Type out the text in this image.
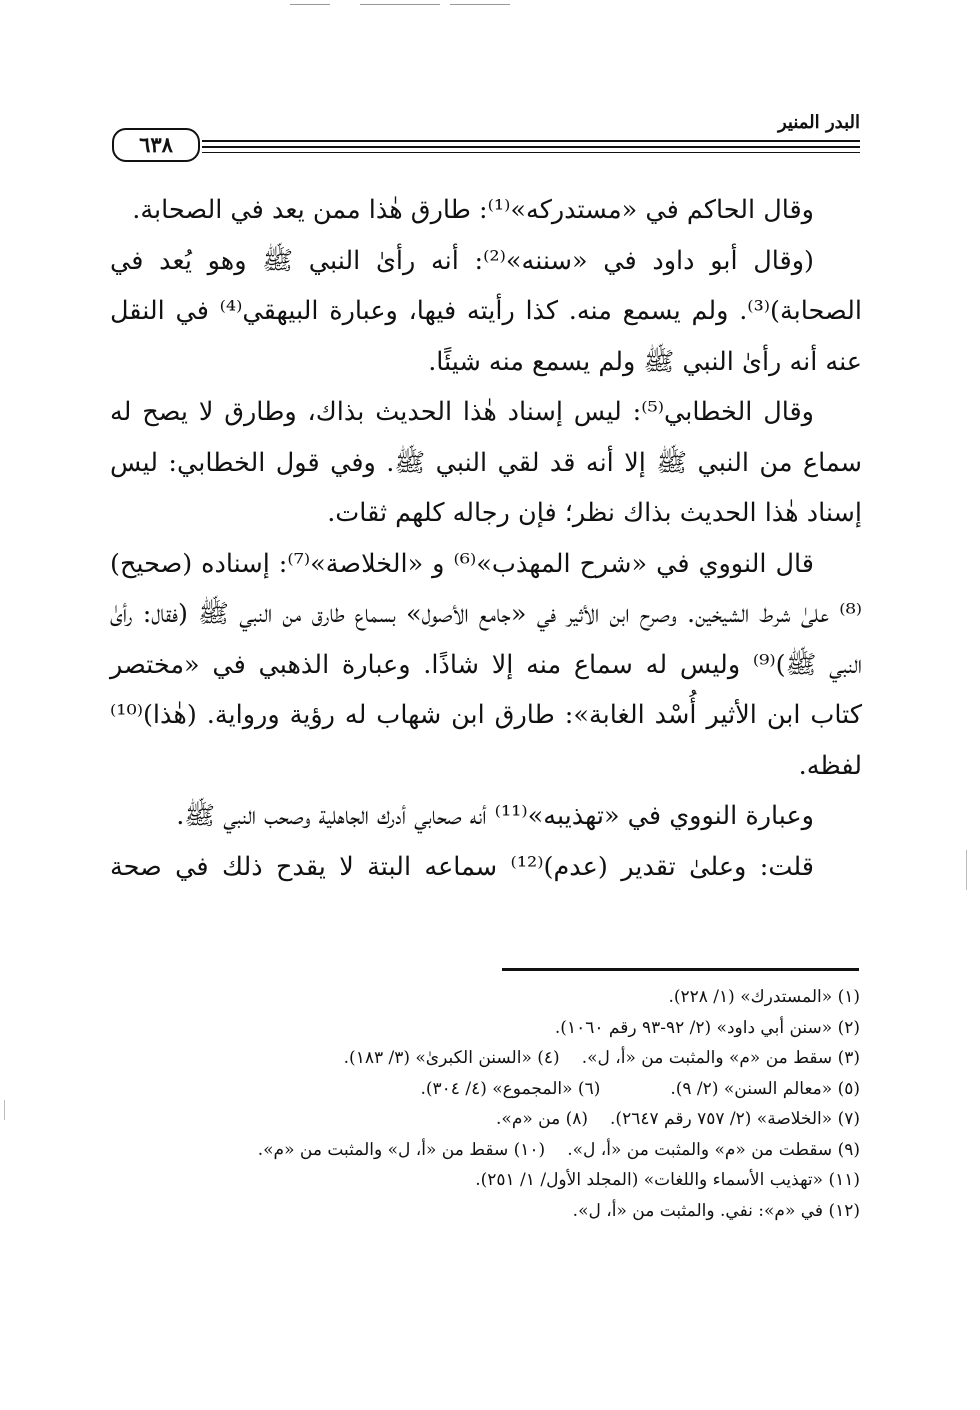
البدر المنير
٦٣٨

وقال الحاكم في «مستدركه»⁽¹⁾: طارق هٰذا ممن يعد في الصحابة.

(وقال أبو داود في «سننه»⁽²⁾: أنه رأىٰ النبي ﷺ وهو يُعد في الصحابة)⁽³⁾. ولم يسمع منه. كذا رأيته فيها، وعبارة البيهقي⁽⁴⁾ في النقل عنه أنه رأىٰ النبي ﷺ ولم يسمع منه شيئًا.

وقال الخطابي⁽⁵⁾: ليس إسناد هٰذا الحديث بذاك، وطارق لا يصح له سماع من النبي ﷺ إلا أنه قد لقي النبي ﷺ. وفي قول الخطابي: ليس إسناد هٰذا الحديث بذاك نظر؛ فإن رجاله كلهم ثقات.

قال النووي في «شرح المهذب»⁽⁶⁾ و «الخلاصة»⁽⁷⁾: إسناده (صحيح)⁽⁸⁾ علىٰ شرط الشيخين. وصرح ابن الأثير في «جامع الأصول» بسماع طارق من النبي ﷺ (فقال: رأىٰ النبي ﷺ)⁽⁹⁾ وليس له سماع منه إلا شاذًا. وعبارة الذهبي في «مختصر كتاب ابن الأثير أُسْد الغابة»: طارق ابن شهاب له رؤية ورواية. (هٰذا)⁽¹⁰⁾ لفظه.

وعبارة النووي في «تهذيبه»⁽¹¹⁾ أنه صحابي أدرك الجاهلية وصحب النبي ﷺ.

قلت: وعلىٰ تقدير (عدم)⁽¹²⁾ سماعه البتة لا يقدح ذلك في صحة

(١) «المستدرك» (١/ ٢٢٨).
(٢) «سنن أبي داود» (٢/ ٩٢-٩٣ رقم ١٠٦٠).
(٣) سقط من «م» والمثبت من «أ، ل».(٤) «السنن الكبرىٰ» (٣/ ١٨٣).
(٥) «معالم السنن» (٢/ ٩).(٦) «المجموع» (٤/ ٣٠٤).
(٧) «الخلاصة» (٢/ ٧٥٧ رقم ٢٦٤٧).(٨) من «م».
(٩) سقطت من «م» والمثبت من «أ، ل».(١٠) سقط من «أ، ل» والمثبت من «م».
(١١) «تهذيب الأسماء واللغات» (المجلد الأول/ ١/ ٢٥١).
(١٢) في «م»: نفي. والمثبت من «أ، ل».
